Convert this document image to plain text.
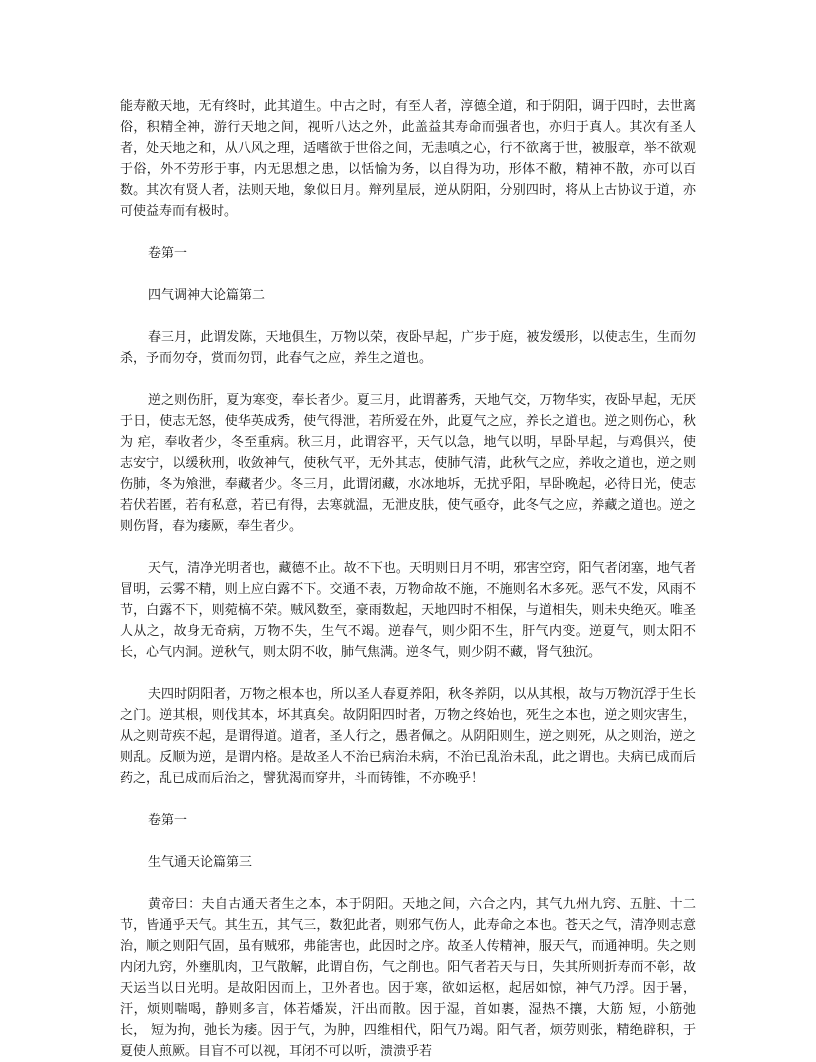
能寿敝天地，无有终时，此其道生。中古之时，有至人者，淳德全道，和于阴阳，调于四时，去世离俗，积精全神，游行天地之间，视听八达之外，此盖益其寿命而强者也，亦归于真人。其次有圣人者，处天地之和，从八风之理，适嗜欲于世俗之间，无恚嗔之心，行不欲离于世，被服章，举不欲观于俗，外不劳形于事，内无思想之患，以恬愉为务，以自得为功，形体不敝，精神不散，亦可以百数。其次有贤人者，法则天地，象似日月。辩列星辰，逆从阴阳，分别四时，将从上古协议于道，亦可使益寿而有极时。

卷第一

四气调神大论篇第二

春三月，此谓发陈，天地俱生，万物以荣，夜卧早起，广步于庭，被发缓形，以使志生，生而勿杀，予而勿夺，赏而勿罚，此春气之应，养生之道也。

逆之则伤肝，夏为寒变，奉长者少。夏三月，此谓蕃秀，天地气交，万物华实，夜卧早起，无厌于日，使志无怒，使华英成秀，使气得泄，若所爱在外，此夏气之应，养长之道也。逆之则伤心，秋为 疟，奉收者少，冬至重病。秋三月，此谓容平，天气以急，地气以明，早卧早起，与鸡俱兴，使志安宁，以缓秋刑，收敛神气，使秋气平，无外其志，使肺气清，此秋气之应，养收之道也，逆之则伤肺，冬为飧泄，奉藏者少。冬三月，此谓闭藏，水冰地坼，无扰乎阳，早卧晚起，必待日光，使志若伏若匿，若有私意，若已有得，去寒就温，无泄皮肤，使气亟夺，此冬气之应，养藏之道也。逆之则伤肾，春为痿厥，奉生者少。

天气，清净光明者也，藏德不止。故不下也。天明则日月不明，邪害空窍，阳气者闭塞，地气者冒明，云雾不精，则上应白露不下。交通不表，万物命故不施，不施则名木多死。恶气不发，风雨不节，白露不下，则菀槁不荣。贼风数至，豪雨数起，天地四时不相保，与道相失，则未央绝灭。唯圣人从之，故身无奇病，万物不失，生气不竭。逆春气，则少阳不生，肝气内变。逆夏气，则太阳不长，心气内洞。逆秋气，则太阴不收，肺气焦满。逆冬气，则少阴不藏，肾气独沉。

夫四时阴阳者，万物之根本也，所以圣人春夏养阳，秋冬养阴，以从其根，故与万物沉浮于生长之门。逆其根，则伐其本，坏其真矣。故阴阳四时者，万物之终始也，死生之本也，逆之则灾害生，从之则苛疾不起，是谓得道。道者，圣人行之，愚者佩之。从阴阳则生，逆之则死，从之则治，逆之则乱。反顺为逆，是谓内格。是故圣人不治已病治未病，不治已乱治未乱，此之谓也。夫病已成而后药之，乱已成而后治之，譬犹渴而穿井，斗而铸锥，不亦晚乎！

卷第一

生气通天论篇第三

黄帝曰：夫自古通天者生之本，本于阴阳。天地之间，六合之内，其气九州九窍、五脏、十二节，皆通乎天气。其生五，其气三，数犯此者，则邪气伤人，此寿命之本也。苍天之气，清净则志意治，顺之则阳气固，虽有贼邪，弗能害也，此因时之序。故圣人传精神，服天气，而通神明。失之则内闭九窍，外壅肌肉，卫气散解，此谓自伤，气之削也。阳气者若天与日，失其所则折寿而不彰，故天运当以日光明。是故阳因而上，卫外者也。因于寒，欲如运枢，起居如惊，神气乃浮。因于暑，汗，烦则喘喝，静则多言，体若燔炭，汗出而散。因于湿，首如裹，湿热不攘，大筋 短，小筋弛长， 短为拘，弛长为痿。因于气，为肿，四维相代，阳气乃竭。阳气者，烦劳则张，精绝辟积，于夏使人煎厥。目盲不可以视，耳闭不可以听，溃溃乎若
